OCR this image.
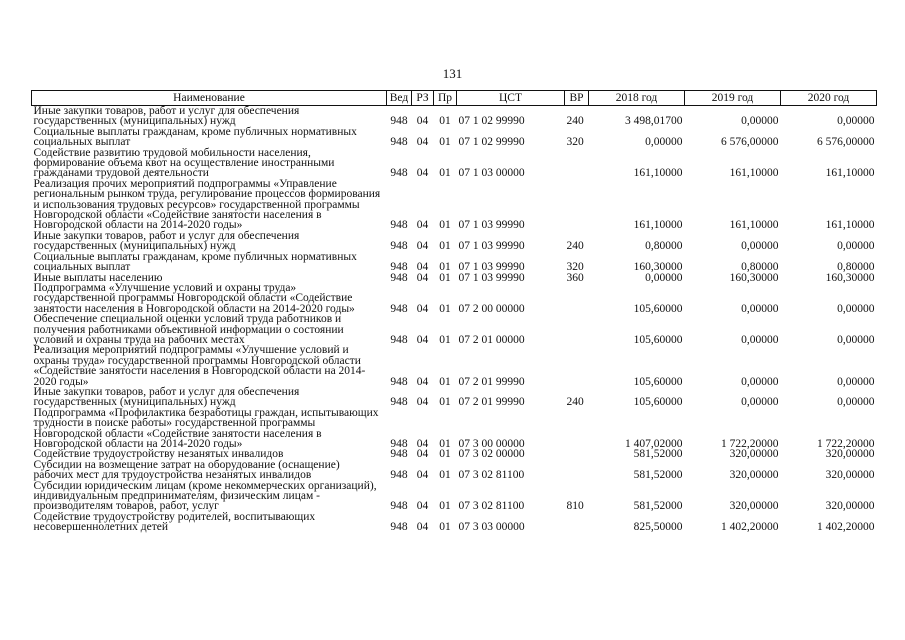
131
Наименование	Вед	РЗ	Пр	ЦСТ	ВР	2018 год	2019 год	2020 год
Иные закупки товаров, работ и услуг для обеспечения государственных (муниципальных) нужд	948	04	01	07 1 02 99990	240	3 498,01700	0,00000	0,00000
Социальные выплаты гражданам, кроме публичных нормативных социальных выплат	948	04	01	07 1 02 99990	320	0,00000	6 576,00000	6 576,00000
Содействие развитию трудовой мобильности населения, формирование объема квот на осуществление иностранными гражданами трудовой деятельности	948	04	01	07 1 03 00000		161,10000	161,10000	161,10000
Реализация прочих мероприятий подпрограммы «Управление региональным рынком труда, регулирование процессов формирования и использования трудовых ресурсов» государственной программы Новгородской области «Содействие занятости населения в Новгородской области на 2014-2020 годы»	948	04	01	07 1 03 99990		161,10000	161,10000	161,10000
Иные закупки товаров, работ и услуг для обеспечения государственных (муниципальных) нужд	948	04	01	07 1 03 99990	240	0,80000	0,00000	0,00000
Социальные выплаты гражданам, кроме публичных нормативных социальных выплат	948	04	01	07 1 03 99990	320	160,30000	0,80000	0,80000
Иные выплаты населению	948	04	01	07 1 03 99990	360	0,00000	160,30000	160,30000
Подпрограмма «Улучшение условий и охраны труда» государственной программы Новгородской области «Содействие занятости населения в Новгородской области на 2014-2020 годы»	948	04	01	07 2 00 00000		105,60000	0,00000	0,00000
Обеспечение специальной оценки условий труда работников и получения работниками объективной информации о состоянии условий и охраны труда на рабочих местах	948	04	01	07 2 01 00000		105,60000	0,00000	0,00000
Реализация мероприятий подпрограммы «Улучшение условий и охраны труда» государственной программы Новгородской области «Содействие занятости населения в Новгородской области на 2014-2020 годы»	948	04	01	07 2 01 99990		105,60000	0,00000	0,00000
Иные закупки товаров, работ и услуг для обеспечения государственных (муниципальных) нужд	948	04	01	07 2 01 99990	240	105,60000	0,00000	0,00000
Подпрограмма «Профилактика безработицы граждан, испытывающих трудности в поиске работы» государственной программы Новгородской области «Содействие занятости населения в Новгородской области на 2014-2020 годы»	948	04	01	07 3 00 00000		1 407,02000	1 722,20000	1 722,20000
Содействие трудоустройству незанятых инвалидов	948	04	01	07 3 02 00000		581,52000	320,00000	320,00000
Субсидии на возмещение затрат на оборудование (оснащение) рабочих мест для трудоустройства незанятых инвалидов	948	04	01	07 3 02 81100		581,52000	320,00000	320,00000
Субсидии юридическим лицам (кроме некоммерческих организаций), индивидуальным предпринимателям, физическим лицам - производителям товаров, работ, услуг	948	04	01	07 3 02 81100	810	581,52000	320,00000	320,00000
Содействие трудоустройству родителей, воспитывающих несовершеннолетних детей	948	04	01	07 3 03 00000		825,50000	1 402,20000	1 402,20000
